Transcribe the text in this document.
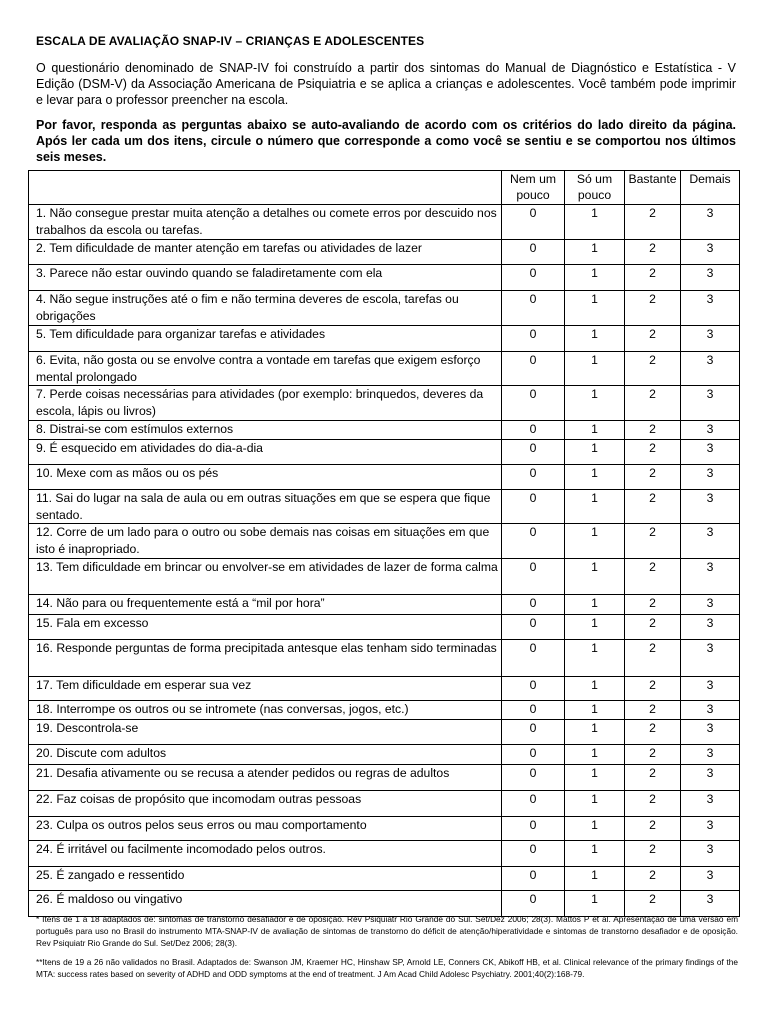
ESCALA DE AVALIAÇÃO SNAP-IV – CRIANÇAS E ADOLESCENTES

O questionário denominado de SNAP-IV foi construído a partir dos sintomas do Manual de Diagnóstico e Estatística - V Edição (DSM-V) da Associação Americana de Psiquiatria e se aplica a crianças e adolescentes. Você também pode imprimir e levar para o professor preencher na escola.

Por favor, responda as perguntas abaixo se auto-avaliando de acordo com os critérios do lado direito da página. Após ler cada um dos itens, circule o número que corresponde a como você se sentiu e se comportou nos últimos seis meses.

	Nem um pouco	Só um pouco	Bastante	Demais
1. Não consegue prestar muita atenção a detalhes ou comete erros por descuido nos trabalhos da escola ou tarefas.	0	1	2	3
2. Tem dificuldade de manter atenção em tarefas ou atividades de lazer	0	1	2	3
3. Parece não estar ouvindo quando se faladiretamente com ela	0	1	2	3
4. Não segue instruções até o fim e não termina deveres de escola, tarefas ou obrigações	0	1	2	3
5. Tem dificuldade para organizar tarefas e atividades	0	1	2	3
6. Evita, não gosta ou se envolve contra a vontade em tarefas que exigem esforço mental prolongado	0	1	2	3
7. Perde coisas necessárias para atividades (por exemplo: brinquedos, deveres da escola, lápis ou livros)	0	1	2	3
8. Distrai-se com estímulos externos	0	1	2	3
9. É esquecido em atividades do dia-a-dia	0	1	2	3
10. Mexe com as mãos ou os pés	0	1	2	3
11. Sai do lugar na sala de aula ou em outras situações em que se espera que fique sentado.	0	1	2	3
12. Corre de um lado para o outro ou sobe demais nas coisas em situações em que isto é inapropriado.	0	1	2	3
13. Tem dificuldade em brincar ou envolver-se em atividades de lazer de forma calma	0	1	2	3
14. Não para ou frequentemente está a “mil por hora”	0	1	2	3
15. Fala em excesso	0	1	2	3
16. Responde perguntas de forma precipitada antesque elas tenham sido terminadas	0	1	2	3
17. Tem dificuldade em esperar sua vez	0	1	2	3
18. Interrompe os outros ou se intromete (nas conversas, jogos, etc.)	0	1	2	3
19. Descontrola-se	0	1	2	3
20. Discute com adultos	0	1	2	3
21. Desafia ativamente ou se recusa a atender pedidos ou regras de adultos	0	1	2	3
22. Faz coisas de propósito que incomodam outras pessoas	0	1	2	3
23. Culpa os outros pelos seus erros ou mau comportamento	0	1	2	3
24. É irritável ou facilmente incomodado pelos outros.	0	1	2	3
25. É zangado e ressentido	0	1	2	3
26. É maldoso ou vingativo	0	1	2	3

* Itens de 1 a 18 adaptados de: sintomas de transtorno desafiador e de oposição. Rev Psiquiatr Rio Grande do Sul. Set/Dez 2006; 28(3). Mattos P et al. Apresentação de uma versão em português para uso no Brasil do instrumento MTA-SNAP-IV de avaliação de sintomas de transtorno do déficit de atenção/hiperatividade e sintomas de transtorno desafiador e de oposição. Rev Psiquiatr Rio Grande do Sul. Set/Dez 2006; 28(3).

**Itens de 19 a 26 não validados no Brasil. Adaptados de: Swanson JM, Kraemer HC, Hinshaw SP, Arnold LE, Conners CK, Abikoff HB, et al. Clinical relevance of the primary findings of the MTA: success rates based on severity of ADHD and ODD symptoms at the end of treatment. J Am Acad Child Adolesc Psychiatry. 2001;40(2):168-79.
